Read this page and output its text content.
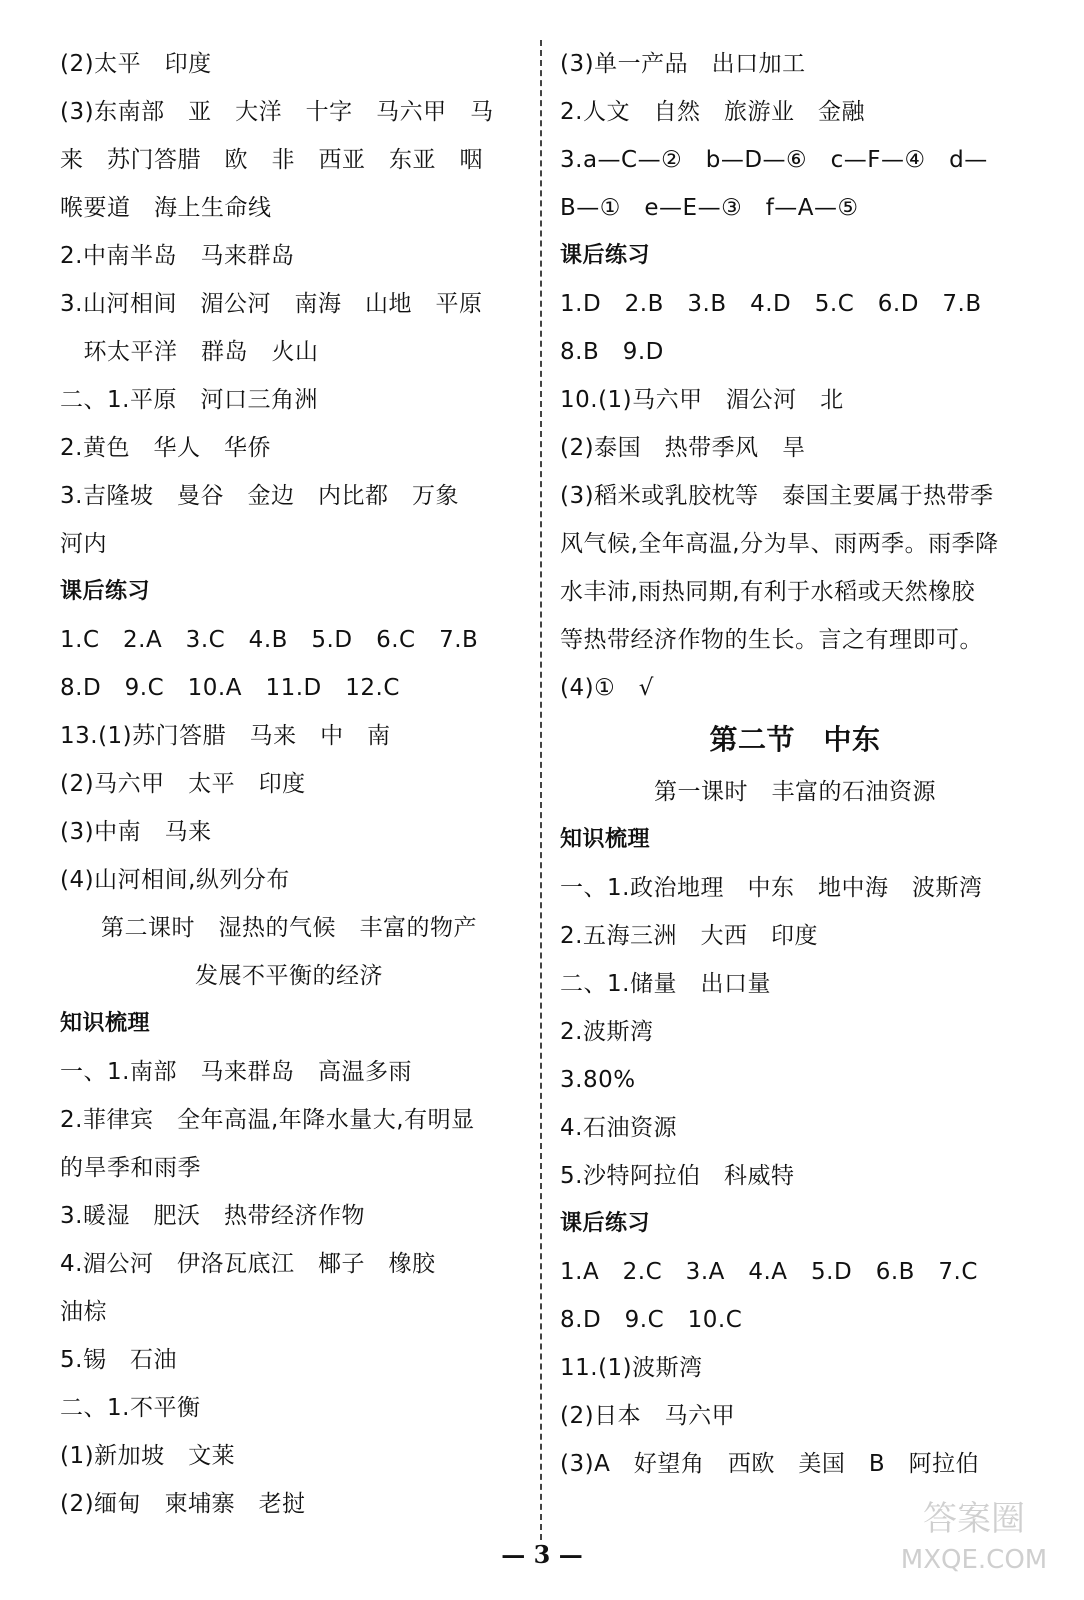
(2)太平　印度
(3)东南部　亚　大洋　十字　马六甲　马
来　苏门答腊　欧　非　西亚　东亚　咽
喉要道　海上生命线
2.中南半岛　马来群岛
3.山河相间　湄公河　南海　山地　平原
　环太平洋　群岛　火山
二、1.平原　河口三角洲
2.黄色　华人　华侨
3.吉隆坡　曼谷　金边　内比都　万象
河内
课后练习
1.C　2.A　3.C　4.B　5.D　6.C　7.B
8.D　9.C　10.A　11.D　12.C
13.(1)苏门答腊　马来　中　南
(2)马六甲　太平　印度
(3)中南　马来
(4)山河相间,纵列分布
第二课时　湿热的气候　丰富的物产
发展不平衡的经济
知识梳理
一、1.南部　马来群岛　高温多雨
2.菲律宾　全年高温,年降水量大,有明显
的旱季和雨季
3.暖湿　肥沃　热带经济作物
4.湄公河　伊洛瓦底江　椰子　橡胶
油棕
5.锡　石油
二、1.不平衡
(1)新加坡　文莱
(2)缅甸　柬埔寨　老挝
(3)单一产品　出口加工
2.人文　自然　旅游业　金融
3.a—C—②　b—D—⑥　c—F—④　d—
B—①　e—E—③　f—A—⑤
课后练习
1.D　2.B　3.B　4.D　5.C　6.D　7.B
8.B　9.D
10.(1)马六甲　湄公河　北
(2)泰国　热带季风　旱
(3)稻米或乳胶枕等　泰国主要属于热带季
风气候,全年高温,分为旱、雨两季。雨季降
水丰沛,雨热同期,有利于水稻或天然橡胶
等热带经济作物的生长。言之有理即可。
(4)①　√
第二节　中东
第一课时　丰富的石油资源
知识梳理
一、1.政治地理　中东　地中海　波斯湾
2.五海三洲　大西　印度
二、1.储量　出口量
2.波斯湾
3.80%
4.石油资源
5.沙特阿拉伯　科威特
课后练习
1.A　2.C　3.A　4.A　5.D　6.B　7.C
8.D　9.C　10.C
11.(1)波斯湾
(2)日本　马六甲
(3)A　好望角　西欧　美国　B　阿拉伯
— 3 —
答案圈
MXQE.COM
